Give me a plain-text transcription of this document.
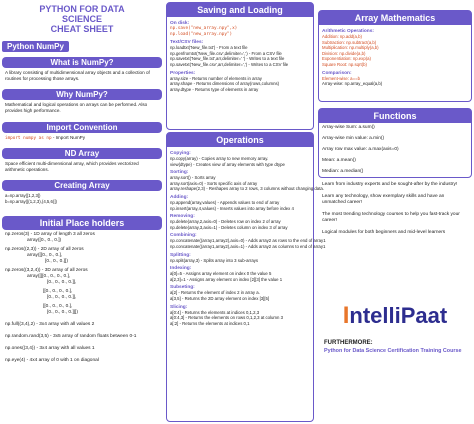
PYTHON FOR DATA
SCIENCE
CHEAT SHEET
Python NumPy
What is NumPy?
A library consisting of multidimensional array objects and a collection of routines for processing those arrays.
Why NumPy?
Mathematical and logical operations on arrays can be performed. Also provides high performance.
Import Convention
import numpy as np - Import NumPy
ND Array
Space efficient multi-dimensional array, which provides vectorized arithmetic operations.
Creating Array
a=np.array([1,2,3])
b=np.array([(1,2,3),(4,5,6)])
Initial Place holders
np.zeros(3) - 1D array of length 3 all zeros
array([0., 0., 0.])
np.zeros((2,3)) - 2D array of all zeros
array([[0., 0., 0.],
[0., 0., 0.]])
np.zeros((3,2,4)) - 3D array of all zeros
array([[[0., 0., 0., 0.],
[0., 0., 0., 0.]],
[[0., 0., 0., 0.],
[0., 0., 0., 0.]],
[[0., 0., 0., 0.],
[0., 0., 0., 0.]]])
np.full((3,4),2) - 3x4 array with all values 2
np.random.rand(3,5) - 3x5 array of random floats between 0-1
np.ones((3,4)) - 3x4 array with all values 1
np.eye(4) - 4x4 array of 0 with 1 on diagonal
Saving and Loading
On disk:
np.save("new_array.npy",x)
np.load("new_array.npy")
Text/CSV files:
np.loadtxt('New_file.txt') - From a text file
np.genfromtxt('New_file.csv',delimiter=',') - From a CSV file
np.savetxt('New_file.txt',arr,delimiter=' ') - Writes to a text file
np.savetxt('New_file.csv',arr,delimiter=',') - Writes to a CSV file
Properties:
array.size - Returns number of elements in array
array.shape - Returns dimensions of array(rows,columns)
array.dtype - Returns type of elements in array
Operations
Copying:
np.copy(array) - Copies array to new memory array.
view(dtype) - Creates view of array elements with type dtype
Sorting:
array.sort() - Sorts array
array.sort(axis=0) - Sorts specific axis of array
array.reshape(2,3) - Reshapes array to 2 rows, 3 columns without changing data.
Adding:
np.append(array,values) - Appends values to end of array
np.insert(array,4,values) - Inserts values into array before index 4
Removing:
np.delete(array,2,axis=0) - Deletes row on index 2 of array
np.delete(array,3,axis=1) - Deletes column on index 3 of array
Combining:
np.concatenate((array1,array2),axis=0) - Adds array2 as rows to the end of array1
np.concatenate((array1,array2),axis=1) - Adds array2 as columns to end of array1
Splitting:
np.split(array,3) - Splits array into 3 sub-arrays
Indexing:
a[0]=5 - Assigns array element on index 0 the value 5
a[2,3]=1 - Assigns array element on index [2][3] the value 1
Subseting:
a[2] - Returns the element of index 2 in array a.
a[3,5] - Returns the 2D array element on index [3][5]
Slicing:
a[0:4] - Returns the elements at indices 0,1,2,3
a[0:4,3] - Returns the elements on rows 0,1,2,3 at column 3
a[:2] - Returns the elements at indices 0,1
Array Mathematics
Arithmetic Operations:
Addition: np.add(a,b)
Subtraction: np.subtract(a,b)
Multiplication: np.multiply(a,b)
Division: np.divide(a,b)
Exponentiation: np.exp(a)
Square Root: np.sqrt(b)
Comparison:
Element-wise: a==b
Array-wise: np.array_equal(a,b)
Functions
Array-wise Sum: a.sum()
Array-wise min value: a.min()
Array row max value: a.max(axis=0)
Mean: a.mean()
Median: a.median()
Learn from industry experts and be sought-after by the industry!
Learn any technology, show exemplary skills and have an unmatched career!
The most trending technology courses to help you fast-track your career!
Logical modules for both beginners and mid-level learners
IntelliPaat
FURTHERMORE:
Python for Data Science Certification Training Course
